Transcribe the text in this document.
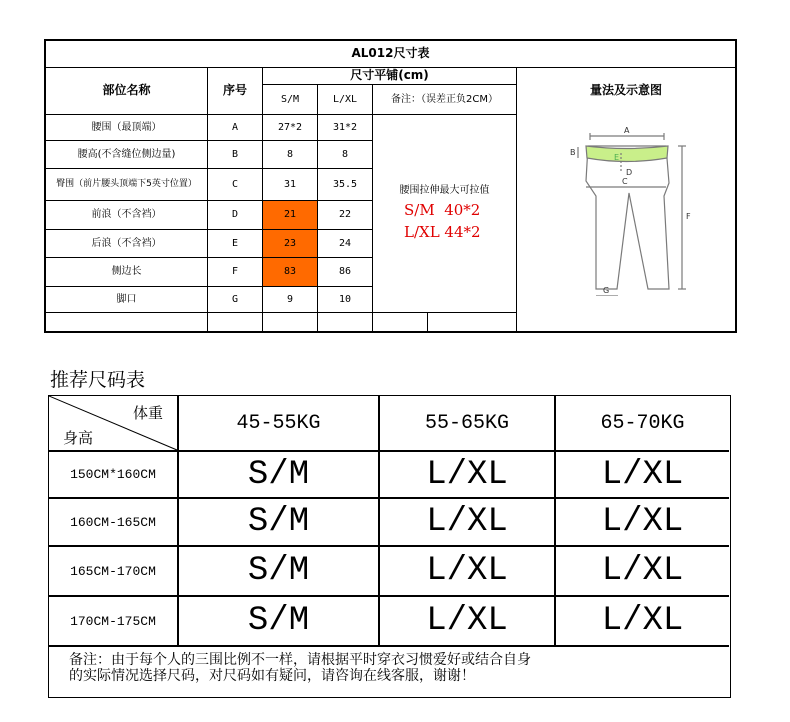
AL012尺寸表
部位名称	序号
尺寸平铺(cm)
S/M	L/XL	备注：（误差正负2CM）
量法及示意图
腰围（最顶端）	A	27*2	31*2
腰高(不含缝位侧边量)	B	8	8
臀围（前片腰头顶端下5英寸位置）	C	31	35.5
前浪（不含裆）	D	21	22
后浪（不含裆）	E	23	24
侧边长	F	83	86
脚口	G	9	10
腰围拉伸最大可拉值
S/M  40*2
L/XL 44*2
A
B
C
D
E
F
G
推荐尺码表
体重
身高
45-55KG	55-65KG	65-70KG
150CM*160CM	S/M	L/XL	L/XL
160CM-165CM	S/M	L/XL	L/XL
165CM-170CM	S/M	L/XL	L/XL
170CM-175CM	S/M	L/XL	L/XL
备注：由于每个人的三围比例不一样，请根据平时穿衣习惯爱好或结合自身
的实际情况选择尺码，对尺码如有疑问，请咨询在线客服，谢谢！
